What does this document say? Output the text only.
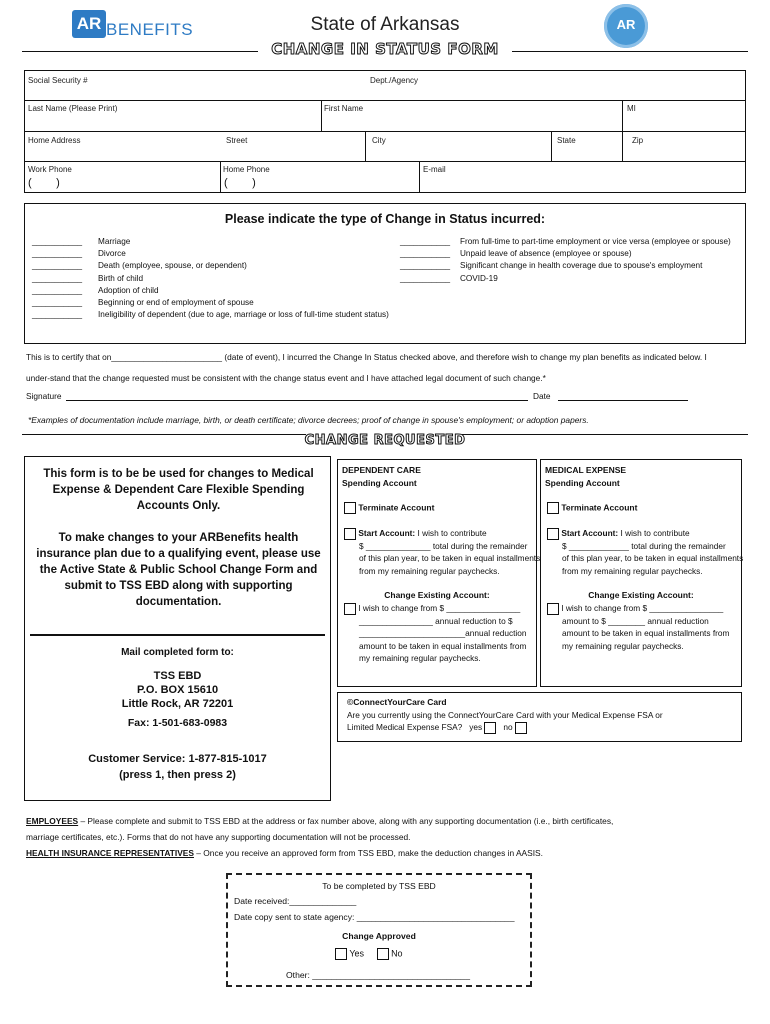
AR BENEFITS	State of Arkansas
CHANGE IN STATUS FORM
AR
Social Security #	Dept./Agency
Last Name (Please Print)	First Name	MI
Home Address	Street	City	State	Zip
Work Phone
(        )
Home Phone
(        )
E-mail
Please indicate the type of Change in Status incurred:
___________ Marriage
___________ Divorce
___________ Death (employee, spouse, or dependent)
___________ Birth of child
___________ Adoption of child
___________ Beginning or end of employment of spouse
___________ Ineligibility of dependent (due to age, marriage or loss of full-time student status)
___________ From full-time to part-time employment or vice versa (employee or spouse)
___________ Unpaid leave of absence (employee or spouse)
___________ Significant change in health coverage due to spouse's employment
___________ COVID-19
This is to certify that on________________________ (date of event), I incurred the Change In Status checked above, and therefore wish to change my plan benefits as indicated below. I
under-stand that the change requested must be consistent with the change status event and I have attached legal document of such change.*
Signature	Date
*Examples of documentation include marriage, birth, or death certificate; divorce decrees; proof of change in spouse's employment; or adoption papers.
CHANGE REQUESTED
This form is to be be used for changes to Medical Expense & Dependent Care Flexible Spending Accounts Only.
To make changes to your ARBenefits health insurance plan due to a qualifying event, please use the Active State & Public School Change Form and submit to TSS EBD along with supporting documentation.
Mail completed form to:
TSS EBD
P.O. BOX 15610
Little Rock, AR 72201
Fax: 1-501-683-0983
Customer Service: 1-877-815-1017
(press 1, then press 2)
DEPENDENT CARE
Spending Account
Terminate Account
Start Account: I wish to contribute
$ ______________ total during the remainder
of this plan year, to be taken in equal installments
from my remaining regular paychecks.
Change Existing Account:
I wish to change from $ ________________
________________ annual reduction to $
_______________________annual reduction
amount to be taken in equal installments from
my remaining regular paychecks.
MEDICAL EXPENSE
Spending Account
Terminate Account
Start Account: I wish to contribute
$ _____________ total during the remainder
of this plan year, to be taken in equal installments
from my remaining regular paychecks.
Change Existing Account:
I wish to change from $ ________________
amount to $ ________ annual reduction
amount to be taken in equal installments from
my remaining regular paychecks.
©ConnectYourCare Card
Are you currently using the ConnectYourCare Card with your Medical Expense FSA or
Limited Medical Expense FSA? yes	no
EMPLOYEES – Please complete and submit to TSS EBD at the address or fax number above, along with any supporting documentation (i.e., birth certificates,
marriage certificates, etc.). Forms that do not have any supporting documentation will not be processed.
HEALTH INSURANCE REPRESENTATIVES – Once you receive an approved form from TSS EBD, make the deduction changes in AASIS.
To be completed by TSS EBD
Date received:______________
Date copy sent to state agency: _________________________________
Change Approved
Yes	No
Other: _________________________________
